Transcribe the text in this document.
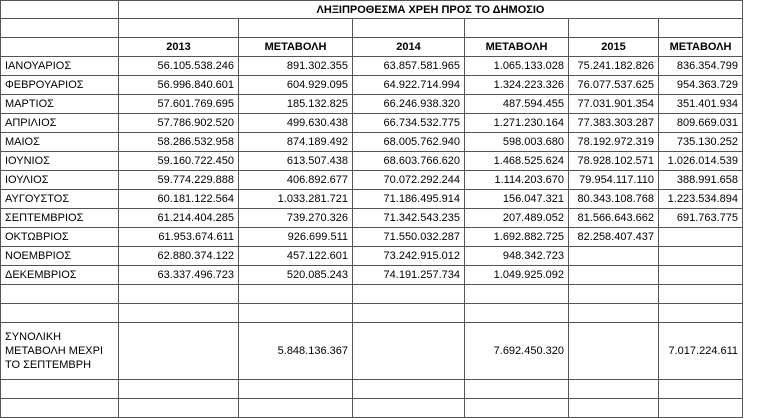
	ΛΗΞΙΠΡΟΘΕΣΜΑ ΧΡΕΗ ΠΡΟΣ ΤΟ ΔΗΜΟΣΙΟ					

	2013	ΜΕΤΑΒΟΛΗ	2014	ΜΕΤΑΒΟΛΗ	2015	ΜΕΤΑΒΟΛΗ
ΙΑΝΟΥΑΡΙΟΣ	56.105.538.246	891.302.355	63.857.581.965	1.065.133.028	75.241.182.826	836.354.799
ΦΕΒΡΟΥΑΡΙΟΣ	56.996.840.601	604.929.095	64.922.714.994	1.324.223.326	76.077.537.625	954.363.729
ΜΑΡΤΙΟΣ	57.601.769.695	185.132.825	66.246.938.320	487.594.455	77.031.901.354	351.401.934
ΑΠΡΙΛΙΟΣ	57.786.902.520	499.630.438	66.734.532.775	1.271.230.164	77.383.303.287	809.669.031
ΜΑΙΟΣ	58.286.532.958	874.189.492	68.005.762.940	598.003.680	78.192.972.319	735.130.252
ΙΟΥΝΙΟΣ	59.160.722.450	613.507.438	68.603.766.620	1.468.525.624	78.928.102.571	1.026.014.539
ΙΟΥΛΙΟΣ	59.774.229.888	406.892.677	70.072.292.244	1.114.203.670	79.954.117.110	388.991.658
ΑΥΓΟΥΣΤΟΣ	60.181.122.564	1.033.281.721	71.186.495.914	156.047.321	80.343.108.768	1.223.534.894
ΣΕΠΤΕΜΒΡΙΟΣ	61.214.404.285	739.270.326	71.342.543.235	207.489.052	81.566.643.662	691.763.775
ΟΚΤΩΒΡΙΟΣ	61.953.674.611	926.699.511	71.550.032.287	1.692.882.725	82.258.407.437	
ΝΟΕΜΒΡΙΟΣ	62.880.374.122	457.122.601	73.242.915.012	948.342.723		
ΔΕΚΕΜΒΡΙΟΣ	63.337.496.723	520.085.243	74.191.257.734	1.049.925.092		

ΣΥΝΟΛΙΚΗ ΜΕΤΑΒΟΛΗ ΜΕΧΡΙ ΤΟ ΣΕΠΤΕΜΒΡΗ		5.848.136.367		7.692.450.320		7.017.224.611
